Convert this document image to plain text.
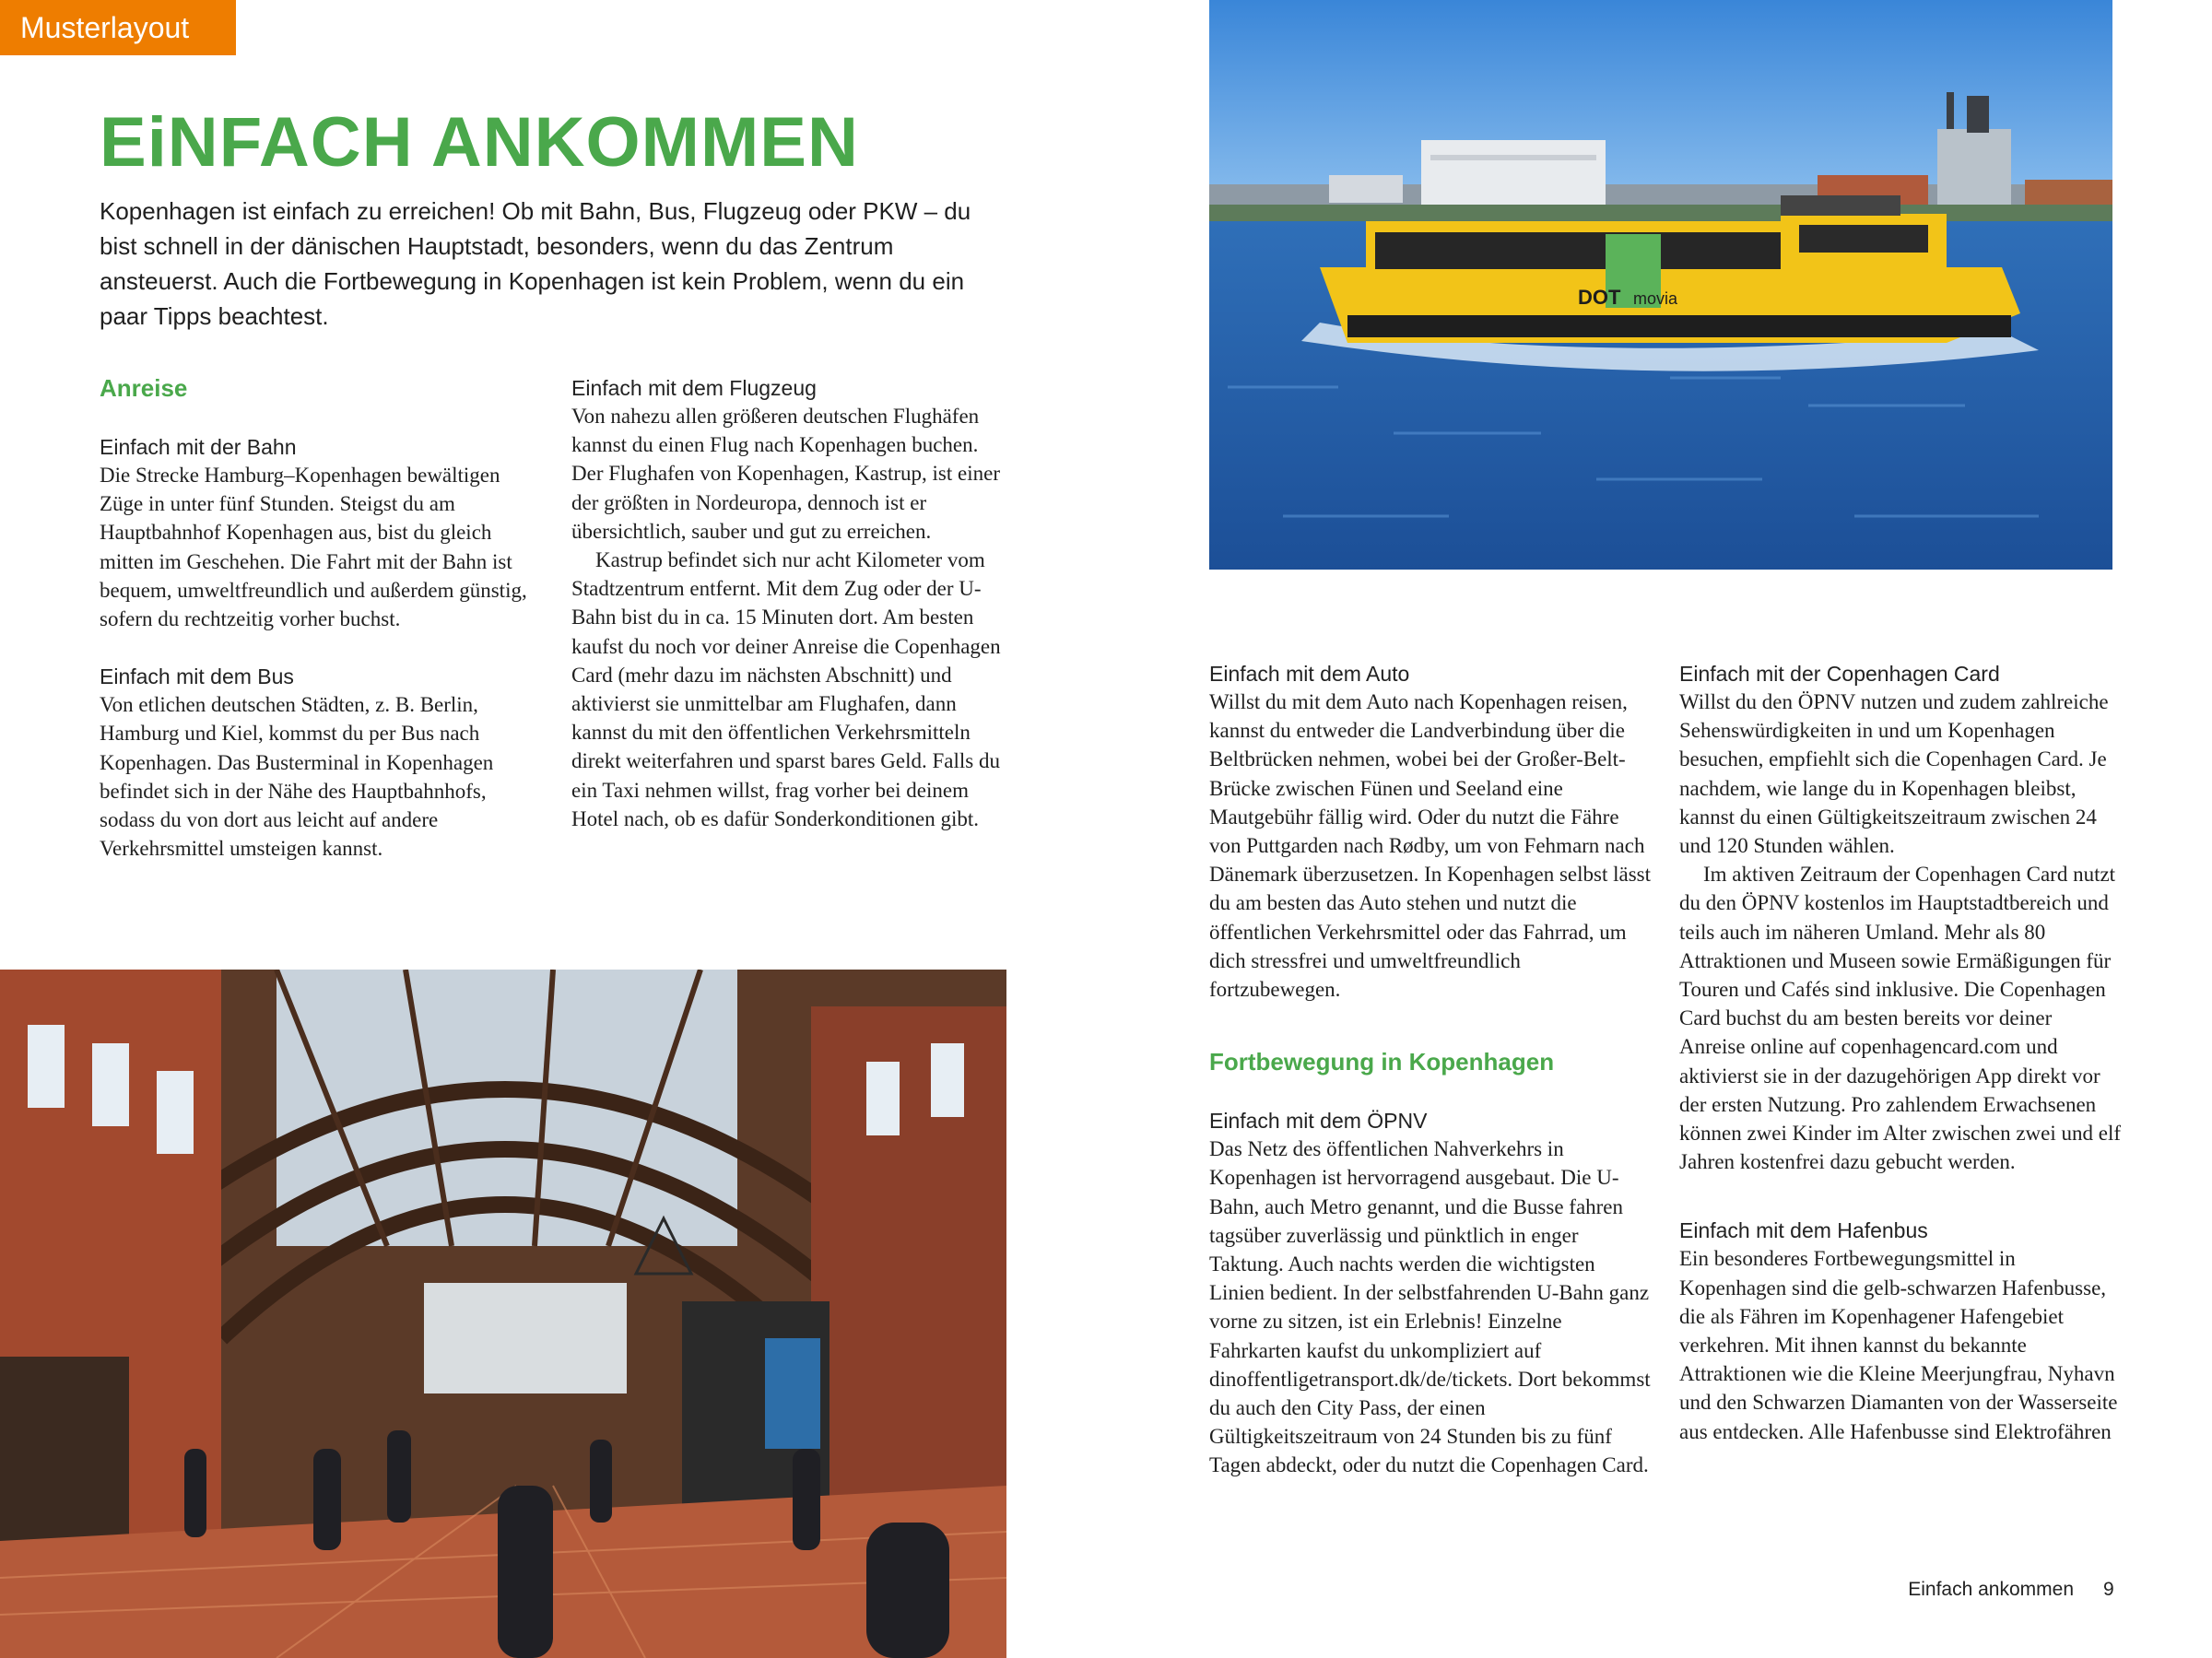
Musterlayout
EiNFACH ANKOMMEN

Kopenhagen ist einfach zu erreichen! Ob mit Bahn, Bus, Flugzeug oder PKW – du bist schnell in der dänischen Hauptstadt, besonders, wenn du das Zentrum ansteuerst. Auch die Fortbewegung in Kopenhagen ist kein Problem, wenn du ein paar Tipps beachtest.

Anreise
Einfach mit der Bahn

Die Strecke Hamburg–Kopenhagen bewältigen Züge in unter fünf Stunden. Steigst du am Hauptbahnhof Kopenhagen aus, bist du gleich mitten im Geschehen. Die Fahrt mit der Bahn ist bequem, umweltfreundlich und außerdem günstig, sofern du rechtzeitig vorher buchst.

Einfach mit dem Bus

Von etlichen deutschen Städten, z. B. Berlin, Hamburg und Kiel, kommst du per Bus nach Kopenhagen. Das Busterminal in Kopenhagen befindet sich in der Nähe des Hauptbahnhofs, sodass du von dort aus leicht auf andere Verkehrsmittel umsteigen kannst.

Einfach mit dem Flugzeug

Von nahezu allen größeren deutschen Flughäfen kannst du einen Flug nach Kopenhagen buchen. Der Flughafen von Kopenhagen, Kastrup, ist einer der größten in Nordeuropa, dennoch ist er übersichtlich, sauber und gut zu erreichen.

Kastrup befindet sich nur acht Kilometer vom Stadtzentrum entfernt. Mit dem Zug oder der U-Bahn bist du in ca. 15 Minuten dort. Am besten kaufst du noch vor deiner Anreise die Copenhagen Card (mehr dazu im nächsten Abschnitt) und aktivierst sie unmittelbar am Flughafen, dann kannst du mit den öffentlichen Verkehrsmitteln direkt weiterfahren und sparst bares Geld. Falls du ein Taxi nehmen willst, frag vorher bei deinem Hotel nach, ob es dafür Sonderkonditionen gibt.

Einfach mit dem Auto

Willst du mit dem Auto nach Kopenhagen reisen, kannst du entweder die Landverbindung über die Beltbrücken nehmen, wobei bei der Großer-Belt-Brücke zwischen Fünen und Seeland eine Mautgebühr fällig wird. Oder du nutzt die Fähre von Puttgarden nach Rødby, um von Fehmarn nach Dänemark überzusetzen. In Kopenhagen selbst lässt du am besten das Auto stehen und nutzt die öffentlichen Verkehrsmittel oder das Fahrrad, um dich stressfrei und umweltfreundlich fortzubewegen.

Fortbewegung in Kopenhagen
Einfach mit dem ÖPNV

Das Netz des öffentlichen Nahverkehrs in Kopenhagen ist hervorragend ausgebaut. Die U-Bahn, auch Metro genannt, und die Busse fahren tagsüber zuverlässig und pünktlich in enger Taktung. Auch nachts werden die wichtigsten Linien bedient. In der selbstfahrenden U-Bahn ganz vorne zu sitzen, ist ein Erlebnis! Einzelne Fahrkarten kaufst du unkompliziert auf dinoffentligetransport.dk/de/tickets. Dort bekommst du auch den City Pass, der einen Gültigkeitszeitraum von 24 Stunden bis zu fünf Tagen abdeckt, oder du nutzt die Copenhagen Card.

Einfach mit der Copenhagen Card

Willst du den ÖPNV nutzen und zudem zahlreiche Sehenswürdigkeiten in und um Kopenhagen besuchen, empfiehlt sich die Copenhagen Card. Je nachdem, wie lange du in Kopenhagen bleibst, kannst du einen Gültigkeitszeitraum zwischen 24 und 120 Stunden wählen.

Im aktiven Zeitraum der Copenhagen Card nutzt du den ÖPNV kostenlos im Hauptstadtbereich und teils auch im näheren Umland. Mehr als 80 Attraktionen und Museen sowie Ermäßigungen für Touren und Cafés sind inklusive. Die Copenhagen Card buchst du am besten bereits vor deiner Anreise online auf copenhagencard.com und aktivierst sie in der dazugehörigen App direkt vor der ersten Nutzung. Pro zahlendem Erwachsenen können zwei Kinder im Alter zwischen zwei und elf Jahren kostenfrei dazu gebucht werden.

Einfach mit dem Hafenbus

Ein besonderes Fortbewegungsmittel in Kopenhagen sind die gelb-schwarzen Hafenbusse, die als Fähren im Kopenhagener Hafengebiet verkehren. Mit ihnen kannst du bekannte Attraktionen wie die Kleine Meerjungfrau, Nyhavn und den Schwarzen Diamanten von der Wasserseite aus entdecken. Alle Hafenbusse sind Elektrofähren

DOT movia
Einfach ankommen 9
